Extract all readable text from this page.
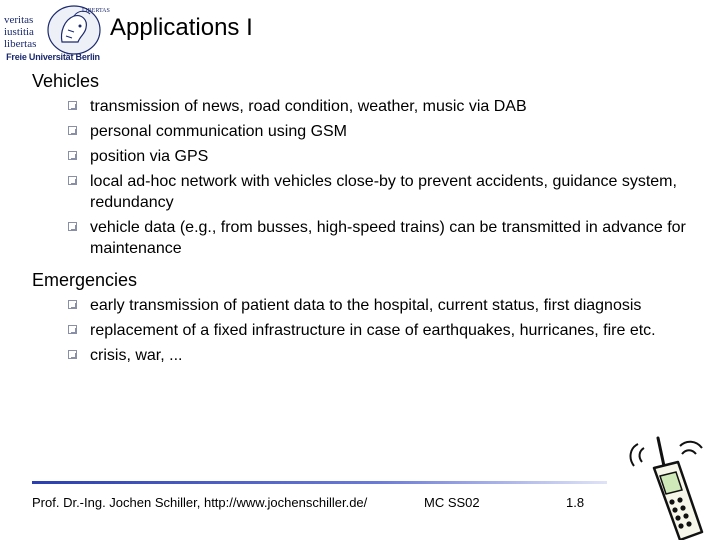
veritas
iustitia
libertas
LIBERTAS
Freie Universität Berlin
Applications I

Vehicles

transmission of news, road condition, weather, music via DAB
personal communication using GSM
position via GPS
local ad-hoc network with vehicles close-by to prevent accidents, guidance system, redundancy
vehicle data (e.g., from busses, high-speed trains) can be transmitted in advance for maintenance

Emergencies

early transmission of patient data to the hospital, current status, first diagnosis
replacement of a fixed infrastructure in case of earthquakes, hurricanes, fire etc.
crisis, war, ...
Prof. Dr.-Ing. Jochen Schiller, http://www.jochenschiller.de/	MC SS02	1.8
